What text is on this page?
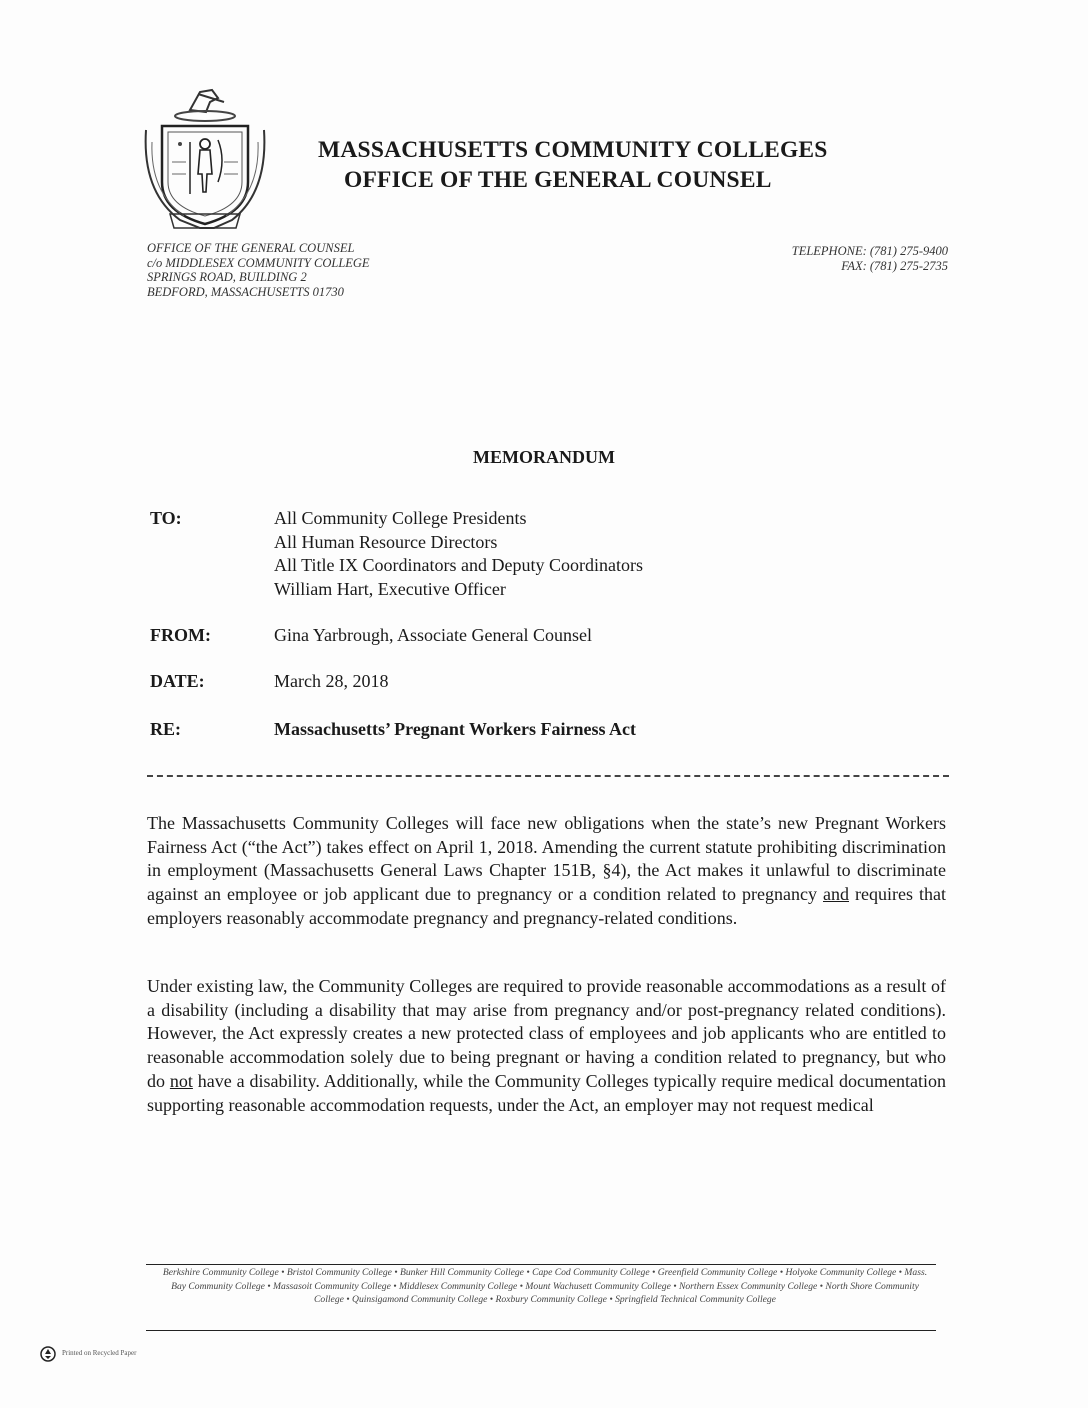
MASSACHUSETTS COMMUNITY COLLEGES
OFFICE OF THE GENERAL COUNSEL
OFFICE OF THE GENERAL COUNSEL
c/o MIDDLESEX COMMUNITY COLLEGE
SPRINGS ROAD, BUILDING 2
BEDFORD, MASSACHUSETTS 01730
TELEPHONE: (781) 275-9400
FAX: (781) 275-2735
MEMORANDUM
TO:	All Community College Presidents
All Human Resource Directors
All Title IX Coordinators and Deputy Coordinators
William Hart, Executive Officer
FROM:	Gina Yarbrough, Associate General Counsel
DATE:	March 28, 2018
RE:	Massachusetts’ Pregnant Workers Fairness Act

The Massachusetts Community Colleges will face new obligations when the state’s new Pregnant Workers Fairness Act (“the Act”) takes effect on April 1, 2018. Amending the current statute prohibiting discrimination in employment (Massachusetts General Laws Chapter 151B, §4), the Act makes it unlawful to discriminate against an employee or job applicant due to pregnancy or a condition related to pregnancy and requires that employers reasonably accommodate pregnancy and pregnancy-related conditions.

Under existing law, the Community Colleges are required to provide reasonable accommodations as a result of a disability (including a disability that may arise from pregnancy and/or post-pregnancy related conditions). However, the Act expressly creates a new protected class of employees and job applicants who are entitled to reasonable accommodation solely due to being pregnant or having a condition related to pregnancy, but who do not have a disability. Additionally, while the Community Colleges typically require medical documentation supporting reasonable accommodation requests, under the Act, an employer may not request medical

Berkshire Community College • Bristol Community College • Bunker Hill Community College • Cape Cod Community College • Greenfield Community College • Holyoke Community College • Mass. Bay Community College • Massasoit Community College • Middlesex Community College • Mount Wachusett Community College • Northern Essex Community College • North Shore Community College • Quinsigamond Community College • Roxbury Community College • Springfield Technical Community College
Printed on Recycled Paper
